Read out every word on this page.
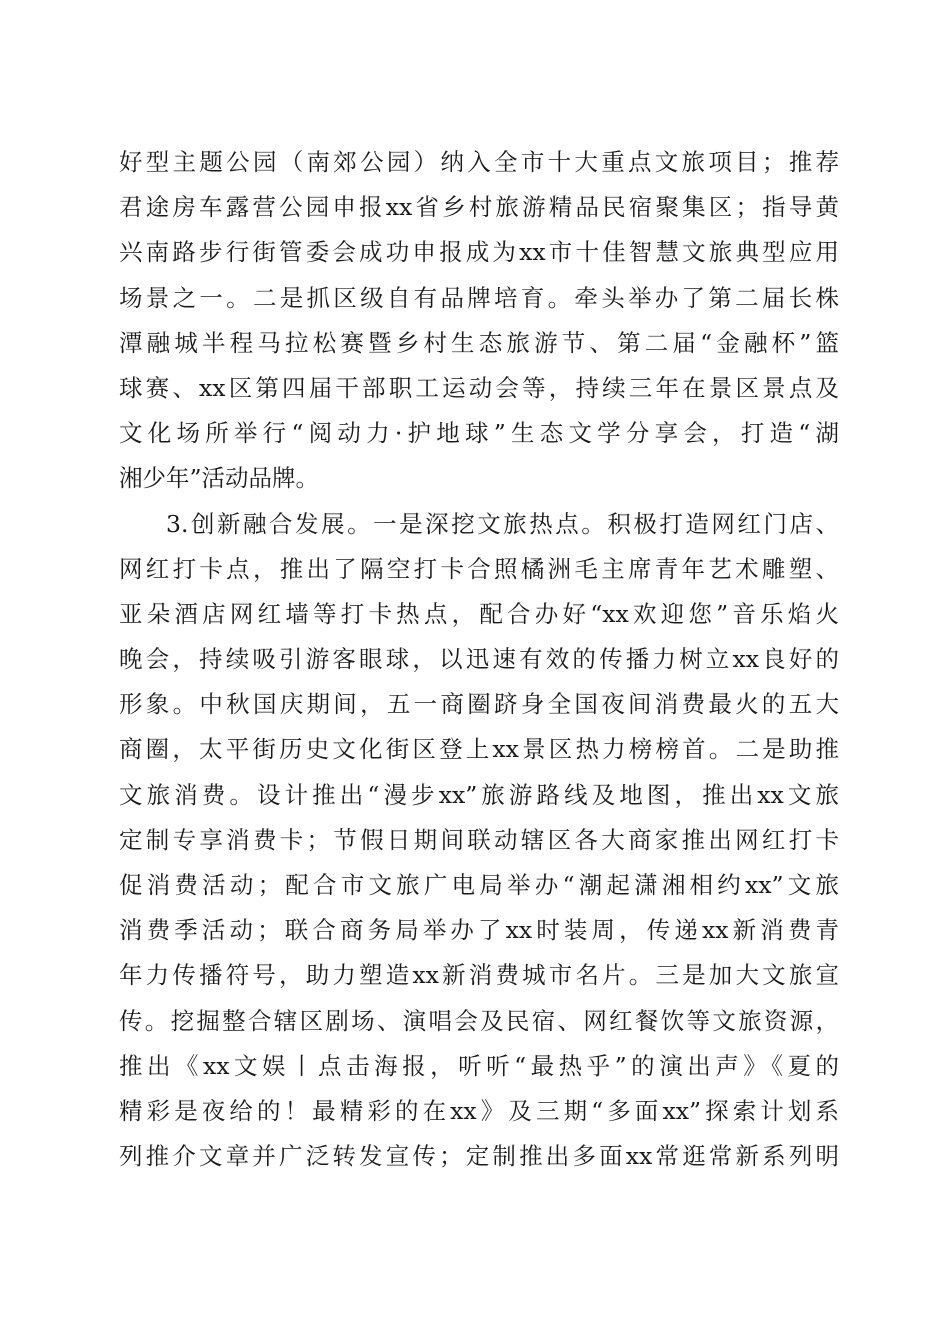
好型主题公园（南郊公园）纳入全市十大重点文旅项目；推荐
君途房车露营公园申报xx省乡村旅游精品民宿聚集区；指导黄
兴南路步行街管委会成功申报成为xx市十佳智慧文旅典型应用
场景之一。二是抓区级自有品牌培育。牵头举办了第二届长株
潭融城半程马拉松赛暨乡村生态旅游节、第二届“金融杯”篮
球赛、xx区第四届干部职工运动会等，持续三年在景区景点及
文化场所举行“阅动力·护地球”生态文学分享会，打造“湖
湘少年”活动品牌。
3.创新融合发展。一是深挖文旅热点。积极打造网红门店、
网红打卡点，推出了隔空打卡合照橘洲毛主席青年艺术雕塑、
亚朵酒店网红墙等打卡热点，配合办好“xx欢迎您”音乐焰火
晚会，持续吸引游客眼球，以迅速有效的传播力树立xx良好的
形象。中秋国庆期间，五一商圈跻身全国夜间消费最火的五大
商圈，太平街历史文化街区登上xx景区热力榜榜首。二是助推
文旅消费。设计推出“漫步xx”旅游路线及地图，推出xx文旅
定制专享消费卡；节假日期间联动辖区各大商家推出网红打卡
促消费活动；配合市文旅广电局举办“潮起潇湘相约xx”文旅
消费季活动；联合商务局举办了xx时装周，传递xx新消费青
年力传播符号，助力塑造xx新消费城市名片。三是加大文旅宣
传。挖掘整合辖区剧场、演唱会及民宿、网红餐饮等文旅资源，
推出《xx文娱丨点击海报，听听“最热乎”的演出声》《夏的
精彩是夜给的！最精彩的在xx》及三期“多面xx”探索计划系
列推介文章并广泛转发宣传；定制推出多面xx常逛常新系列明
